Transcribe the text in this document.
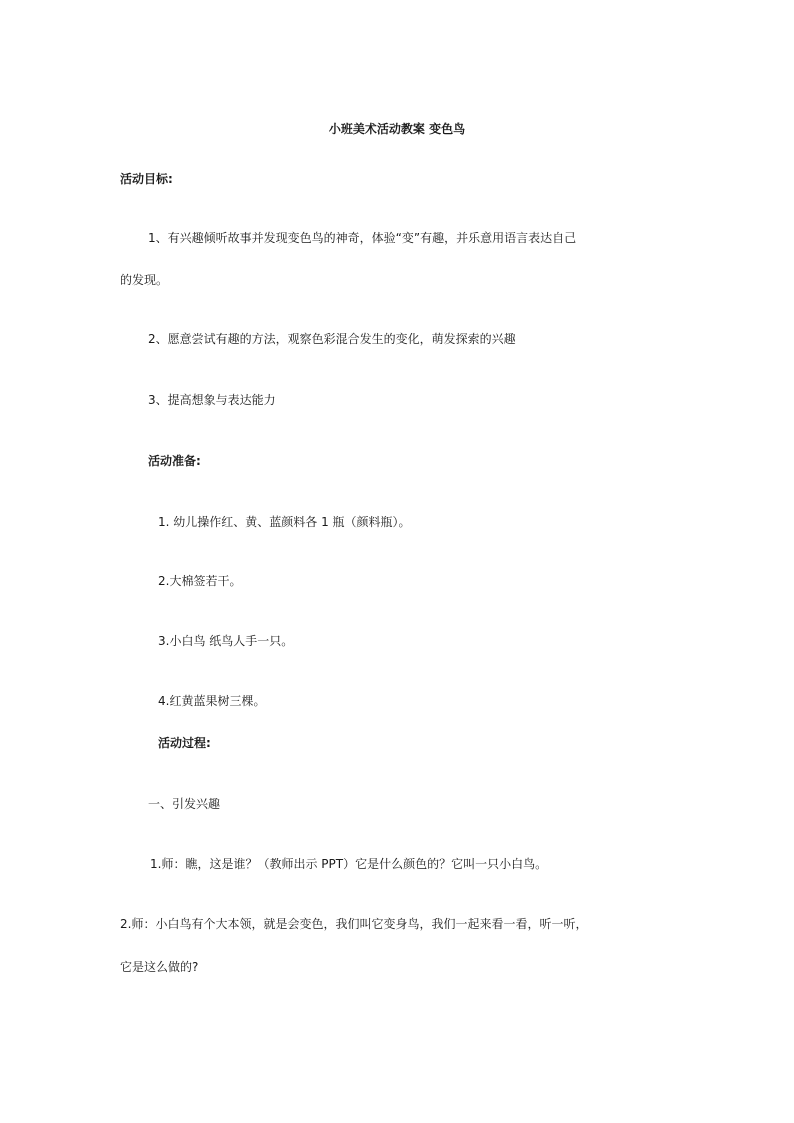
小班美术活动教案 变色鸟
活动目标:
1、有兴趣倾听故事并发现变色鸟的神奇，体验“变”有趣，并乐意用语言表达自己
的发现。
2、愿意尝试有趣的方法，观察色彩混合发生的变化，萌发探索的兴趣
3、提高想象与表达能力
活动准备:
1. 幼儿操作红、黄、蓝颜料各 1 瓶（颜料瓶）。
2.大棉签若干。
3.小白鸟 纸鸟人手一只。
4.红黄蓝果树三棵。
活动过程:
一、引发兴趣
1.师：瞧，这是谁？（教师出示 PPT）它是什么颜色的？它叫一只小白鸟。
2.师：小白鸟有个大本领，就是会变色，我们叫它变身鸟，我们一起来看一看，听一听，
它是这么做的?
